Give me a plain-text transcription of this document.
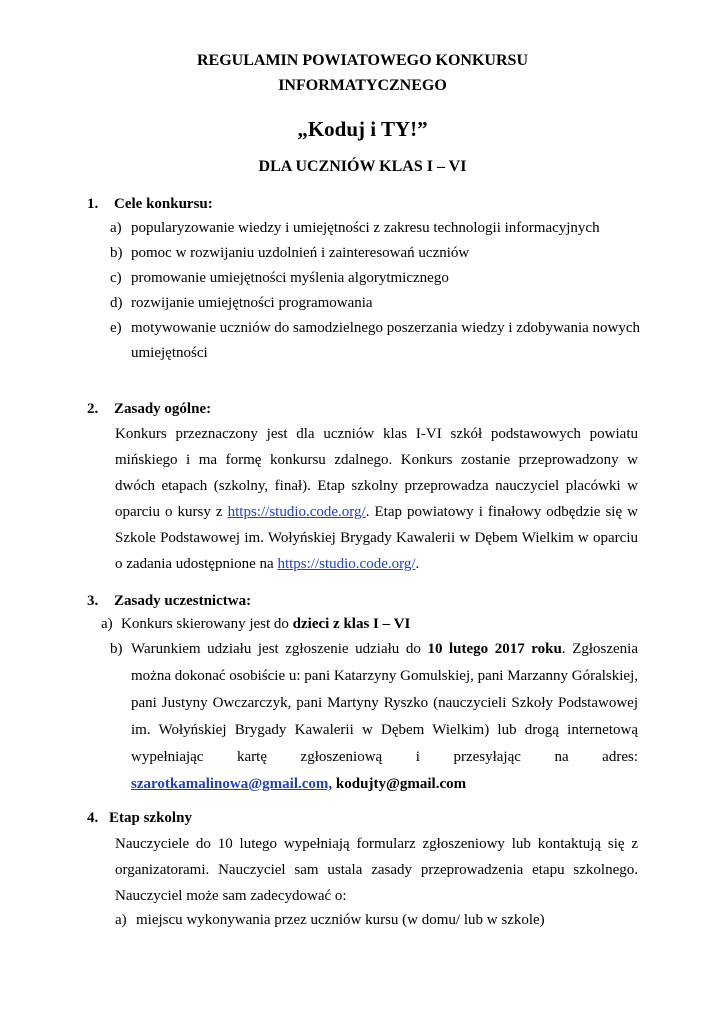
REGULAMIN POWIATOWEGO KONKURSU
INFORMATYCZNEGO
„Koduj i TY!”
DLA UCZNIÓW KLAS I – VI
1. Cele konkursu:
a) popularyzowanie wiedzy i umiejętności z zakresu technologii informacyjnych
b) pomoc w rozwijaniu uzdolnień i zainteresowań uczniów
c) promowanie umiejętności myślenia algorytmicznego
d) rozwijanie umiejętności programowania
e) motywowanie uczniów do samodzielnego poszerzania wiedzy i zdobywania nowych
umiejętności
2. Zasady ogólne:
Konkurs przeznaczony jest dla uczniów klas I-VI szkół podstawowych powiatu mińskiego i ma formę konkursu zdalnego. Konkurs zostanie przeprowadzony w dwóch etapach (szkolny, finał). Etap szkolny przeprowadza nauczyciel placówki w oparciu o kursy z https://studio.code.org/. Etap powiatowy i finałowy odbędzie się w Szkole Podstawowej im. Wołyńskiej Brygady Kawalerii w Dębem Wielkim w oparciu o zadania udostępnione na https://studio.code.org/.
3. Zasady uczestnictwa:
a) Konkurs skierowany jest do dzieci z klas I – VI
b) Warunkiem udziału jest zgłoszenie udziału do 10 lutego 2017 roku. Zgłoszenia można dokonać osobiście u: pani Katarzyny Gomulskiej, pani Marzanny Góralskiej, pani Justyny Owczarczyk, pani Martyny Ryszko (nauczycieli Szkoły Podstawowej im. Wołyńskiej Brygady Kawalerii w Dębem Wielkim) lub drogą internetową wypełniając kartę zgłoszeniową i przesyłając na adres: szarotkamalinowa@gmail.com, kodujty@gmail.com
4. Etap szkolny
Nauczyciele do 10 lutego wypełniają formularz zgłoszeniowy lub kontaktują się z organizatorami. Nauczyciel sam ustala zasady przeprowadzenia etapu szkolnego. Nauczyciel może sam zadecydować o:
a) miejscu wykonywania przez uczniów kursu (w domu/ lub w szkole)
